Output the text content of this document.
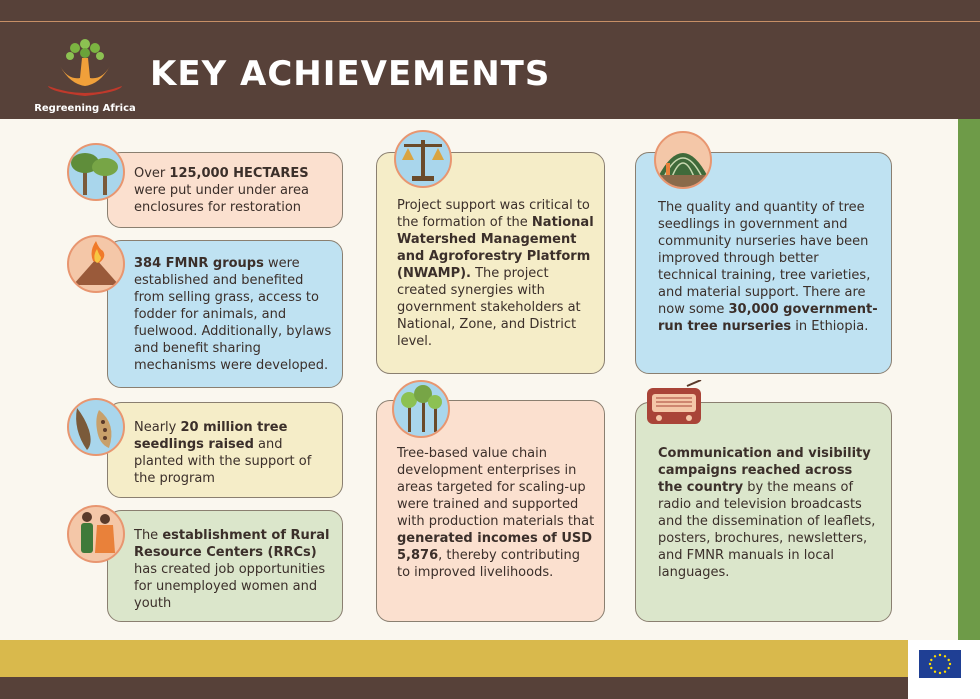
Regreening Africa
KEY ACHIEVEMENTS

Over 125,000 HECTARES were put under under area enclosures for restoration

384 FMNR groups were established and benefited from selling grass, access to fodder for animals, and fuelwood. Additionally, bylaws and benefit sharing mechanisms were developed.

Nearly 20 million tree seedlings raised and planted with the support of the program

The establishment of Rural Resource Centers (RRCs) has created job opportunities for unemployed women and youth

Project support was critical to the formation of the National Watershed Management and Agroforestry Platform (NWAMP). The project created synergies with government stakeholders at National, Zone, and District level.

Tree-based value chain development enterprises in areas targeted for scaling-up were trained and supported with production materials that generated incomes of USD 5,876, thereby contributing to improved livelihoods.

The quality and quantity of tree seedlings in government and community nurseries have been improved through better technical training, tree varieties, and material support. There are now some 30,000 government-run tree nurseries in Ethiopia.

Communication and visibility campaigns reached across the country by the means of radio and television broadcasts and the dissemination of leaflets, posters, brochures, newsletters, and FMNR manuals in local languages.
